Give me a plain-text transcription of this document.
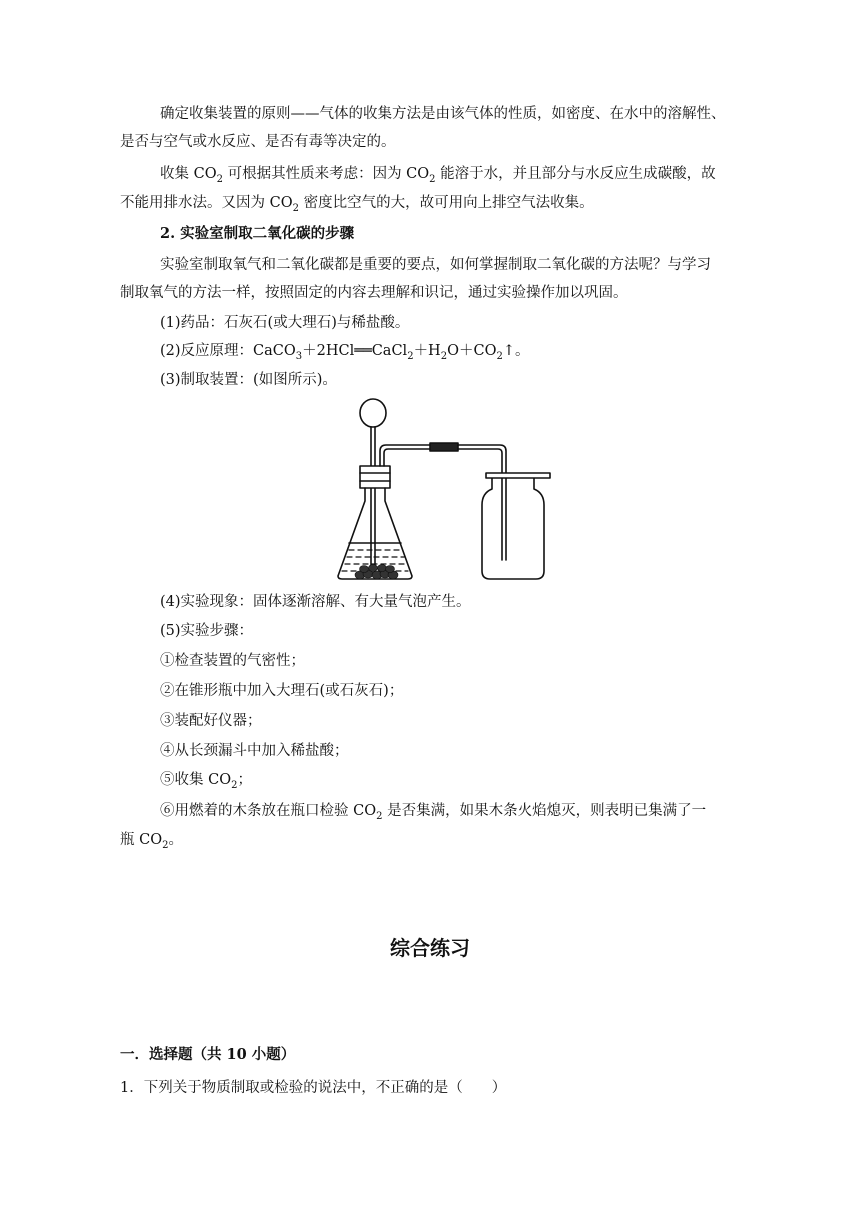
确定收集装置的原则——气体的收集方法是由该气体的性质，如密度、在水中的溶解性、
是否与空气或水反应、是否有毒等决定的。
收集 $CO_2$ 可根据其性质来考虑：因为 $CO_2$ 能溶于水，并且部分与水反应生成碳酸，故
不能用排水法。又因为 $CO_2$ 密度比空气的大，故可用向上排空气法收集。
2. 实验室制取二氧化碳的步骤
实验室制取氧气和二氧化碳都是重要的要点，如何掌握制取二氧化碳的方法呢？与学习
制取氧气的方法一样，按照固定的内容去理解和识记，通过实验操作加以巩固。
(1)药品：石灰石(或大理石)与稀盐酸。
(2)反应原理：$CaCO_3+2HCl══CaCl_2+H_2O+CO_2↑$。
(3)制取装置：(如图所示)。
(4)实验现象：固体逐渐溶解、有大量气泡产生。
(5)实验步骤：
①检查装置的气密性；
②在锥形瓶中加入大理石(或石灰石)；
③装配好仪器；
④从长颈漏斗中加入稀盐酸；
⑤收集 $CO_2$；
⑥用燃着的木条放在瓶口检验 $CO_2$ 是否集满，如果木条火焰熄灭，则表明已集满了一
瓶 $CO_2$。
综合练习
一．选择题（共 10 小题）
1．下列关于物质制取或检验的说法中，不正确的是（　　）
